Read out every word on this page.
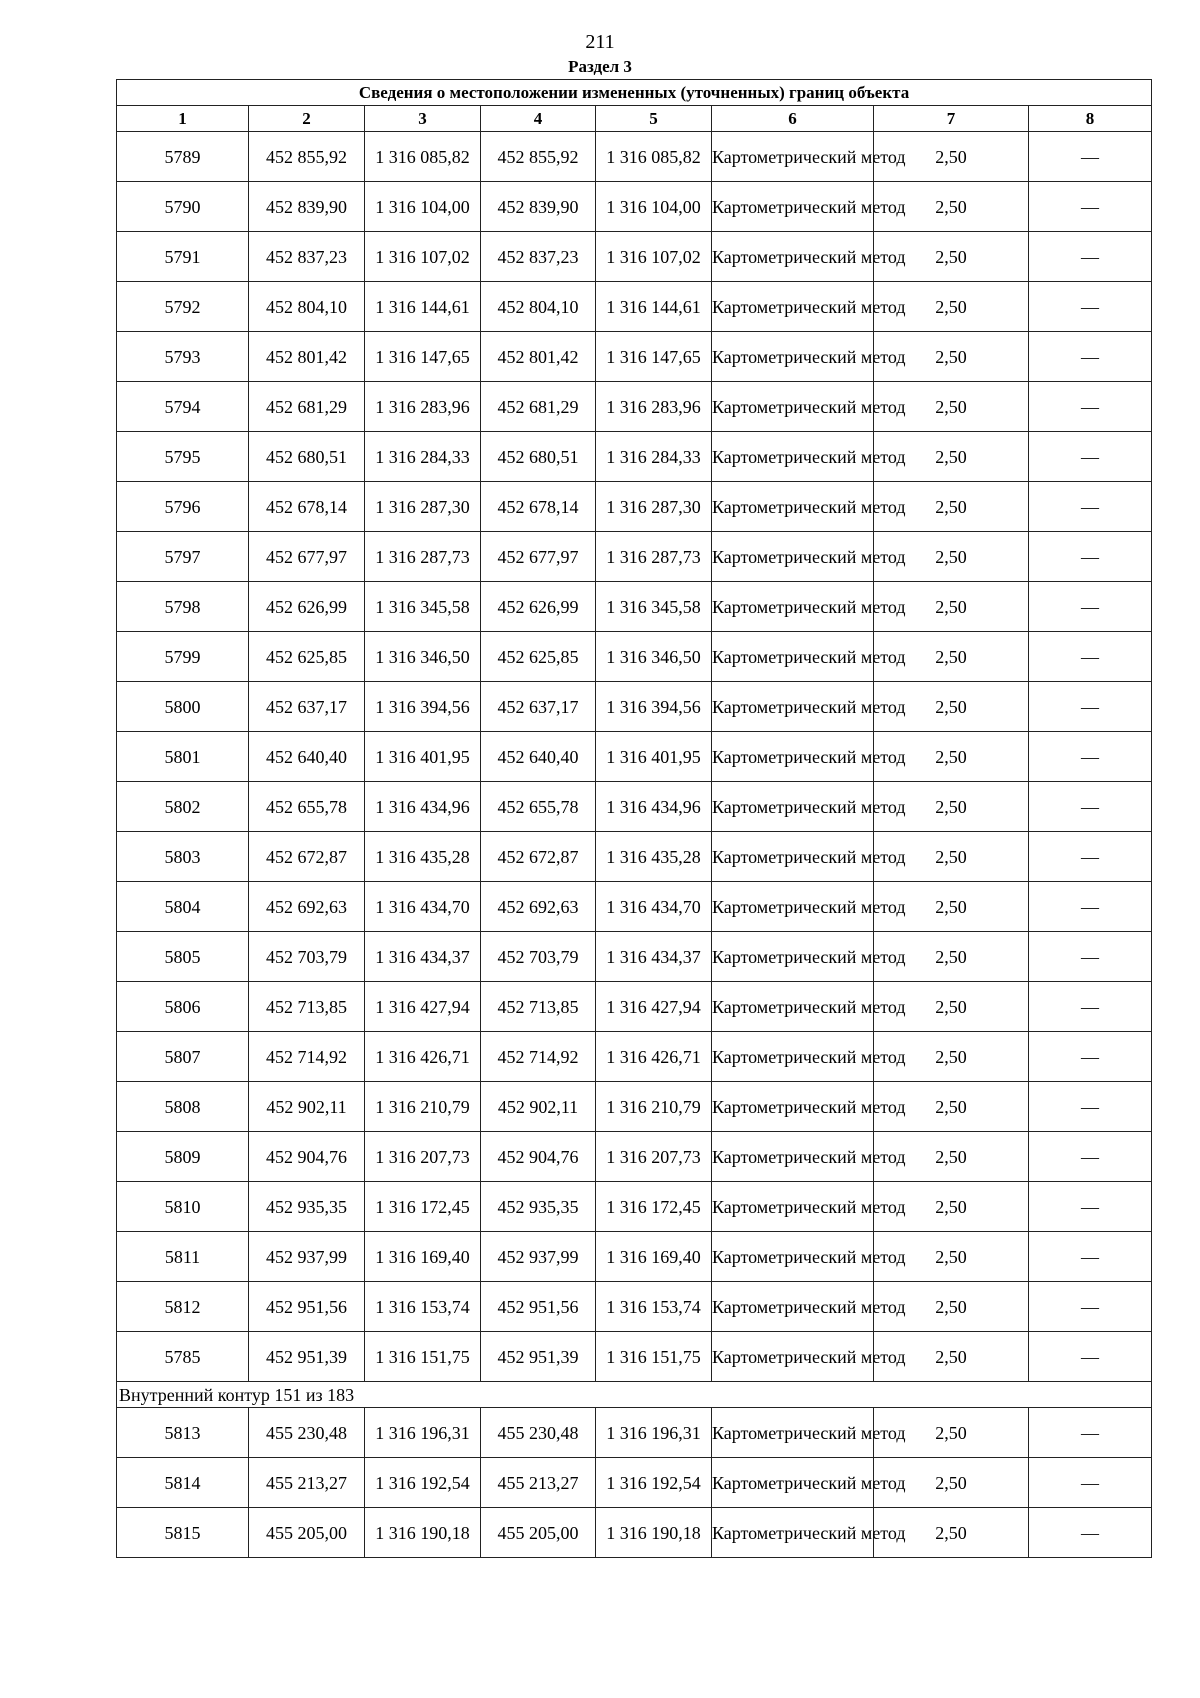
211
Раздел 3
Сведения о местоположении измененных (уточненных) границ объекта							
1	2	3	4	5	6	7	8
5789	452 855,92	1 316 085,82	452 855,92	1 316 085,82	Картометрический метод	2,50	—
5790	452 839,90	1 316 104,00	452 839,90	1 316 104,00	Картометрический метод	2,50	—
5791	452 837,23	1 316 107,02	452 837,23	1 316 107,02	Картометрический метод	2,50	—
5792	452 804,10	1 316 144,61	452 804,10	1 316 144,61	Картометрический метод	2,50	—
5793	452 801,42	1 316 147,65	452 801,42	1 316 147,65	Картометрический метод	2,50	—
5794	452 681,29	1 316 283,96	452 681,29	1 316 283,96	Картометрический метод	2,50	—
5795	452 680,51	1 316 284,33	452 680,51	1 316 284,33	Картометрический метод	2,50	—
5796	452 678,14	1 316 287,30	452 678,14	1 316 287,30	Картометрический метод	2,50	—
5797	452 677,97	1 316 287,73	452 677,97	1 316 287,73	Картометрический метод	2,50	—
5798	452 626,99	1 316 345,58	452 626,99	1 316 345,58	Картометрический метод	2,50	—
5799	452 625,85	1 316 346,50	452 625,85	1 316 346,50	Картометрический метод	2,50	—
5800	452 637,17	1 316 394,56	452 637,17	1 316 394,56	Картометрический метод	2,50	—
5801	452 640,40	1 316 401,95	452 640,40	1 316 401,95	Картометрический метод	2,50	—
5802	452 655,78	1 316 434,96	452 655,78	1 316 434,96	Картометрический метод	2,50	—
5803	452 672,87	1 316 435,28	452 672,87	1 316 435,28	Картометрический метод	2,50	—
5804	452 692,63	1 316 434,70	452 692,63	1 316 434,70	Картометрический метод	2,50	—
5805	452 703,79	1 316 434,37	452 703,79	1 316 434,37	Картометрический метод	2,50	—
5806	452 713,85	1 316 427,94	452 713,85	1 316 427,94	Картометрический метод	2,50	—
5807	452 714,92	1 316 426,71	452 714,92	1 316 426,71	Картометрический метод	2,50	—
5808	452 902,11	1 316 210,79	452 902,11	1 316 210,79	Картометрический метод	2,50	—
5809	452 904,76	1 316 207,73	452 904,76	1 316 207,73	Картометрический метод	2,50	—
5810	452 935,35	1 316 172,45	452 935,35	1 316 172,45	Картометрический метод	2,50	—
5811	452 937,99	1 316 169,40	452 937,99	1 316 169,40	Картометрический метод	2,50	—
5812	452 951,56	1 316 153,74	452 951,56	1 316 153,74	Картометрический метод	2,50	—
5785	452 951,39	1 316 151,75	452 951,39	1 316 151,75	Картометрический метод	2,50	—
Внутренний контур 151 из 183							
5813	455 230,48	1 316 196,31	455 230,48	1 316 196,31	Картометрический метод	2,50	—
5814	455 213,27	1 316 192,54	455 213,27	1 316 192,54	Картометрический метод	2,50	—
5815	455 205,00	1 316 190,18	455 205,00	1 316 190,18	Картометрический метод	2,50	—
